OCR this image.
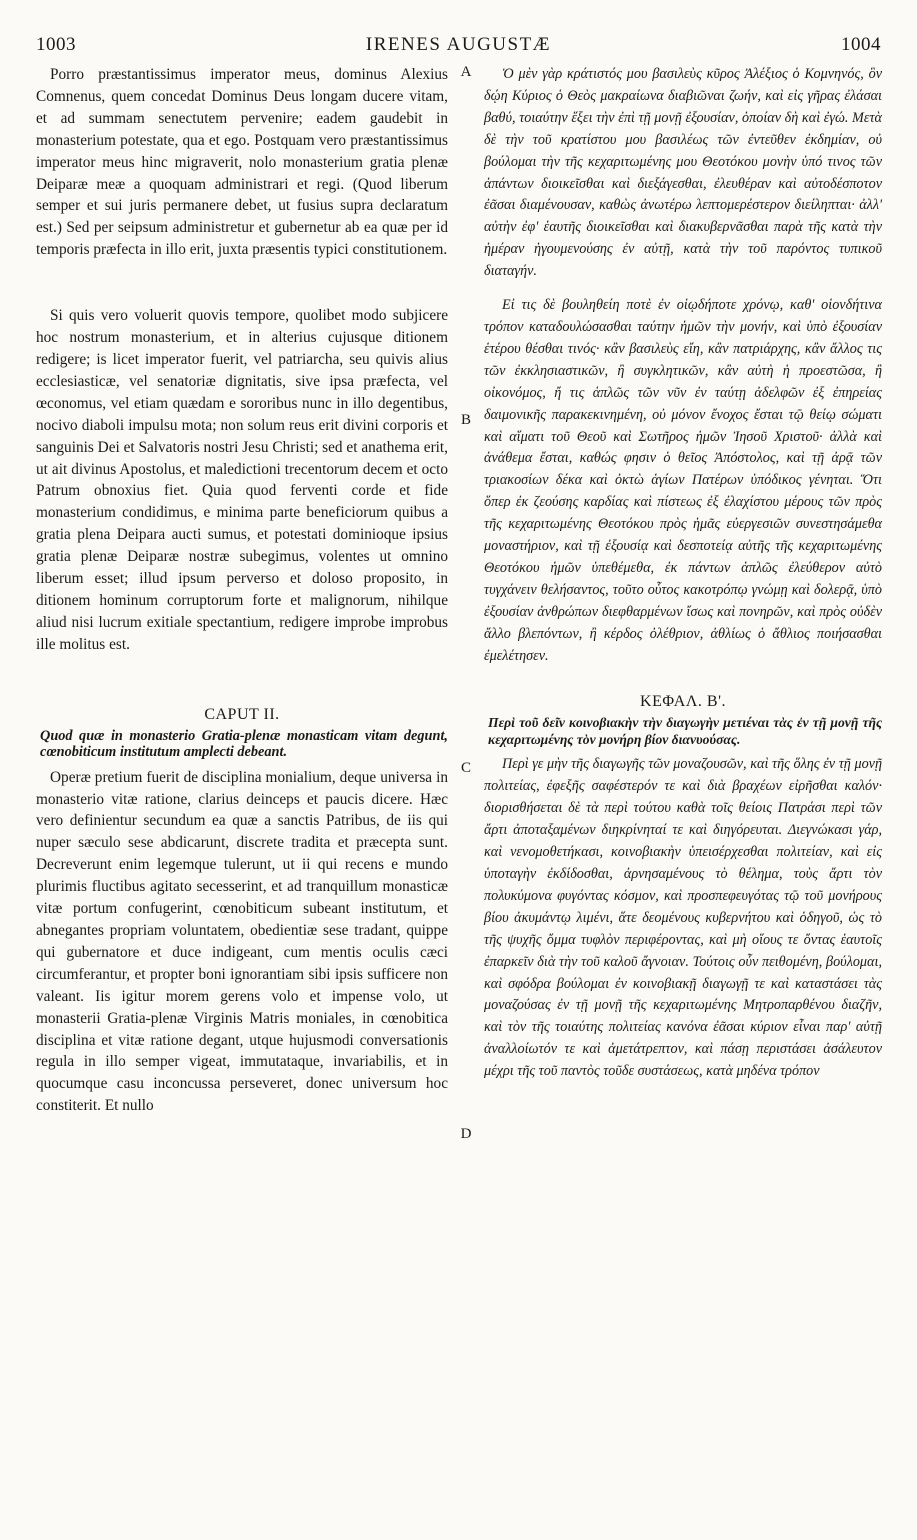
1003	IRENES AUGUSTÆ	1004
A
B
C
D

Porro præstantissimus imperator meus, dominus Alexius Comnenus, quem concedat Dominus Deus longam ducere vitam, et ad summam senectutem pervenire; eadem gaudebit in monasterium potestate, qua et ego. Postquam vero præstantissimus imperator meus hinc migraverit, nolo monasterium gratia plenæ Deiparæ meæ a quoquam administrari et regi. (Quod liberum semper et sui juris permanere debet, ut fusius supra declaratum est.) Sed per seipsum administretur et gubernetur ab ea quæ per id temporis præfecta in illo erit, juxta præsentis typici constitutionem.

Si quis vero voluerit quovis tempore, quolibet modo subjicere hoc nostrum monasterium, et in alterius cujusque ditionem redigere; is licet imperator fuerit, vel patriarcha, seu quivis alius ecclesiasticæ, vel senatoriæ dignitatis, sive ipsa præfecta, vel œconomus, vel etiam quædam e sororibus nunc in illo degentibus, nocivo diaboli impulsu mota; non solum reus erit divini corporis et sanguinis Dei et Salvatoris nostri Jesu Christi; sed et anathema erit, ut ait divinus Apostolus, et maledictioni trecentorum decem et octo Patrum obnoxius fiet. Quia quod ferventi corde et fide monasterium condidimus, e minima parte beneficiorum quibus a gratia plena Deipara aucti sumus, et potestati dominioque ipsius gratia plenæ Deiparæ nostræ subegimus, volentes ut omnino liberum esset; illud ipsum perverso et doloso proposito, in ditionem hominum corruptorum forte et malignorum, nihilque aliud nisi lucrum exitiale spectantium, redigere improbe improbus ille molitus est.

CAPUT II.

Quod quæ in monasterio Gratia-plenæ monasticam vitam degunt, cœnobiticum institutum amplecti debeant.

Operæ pretium fuerit de disciplina monialium, deque universa in monasterio vitæ ratione, clarius deinceps et paucis dicere. Hæc vero definientur secundum ea quæ a sanctis Patribus, de iis qui nuper sæculo sese abdicarunt, discrete tradita et præcepta sunt. Decreverunt enim legemque tulerunt, ut ii qui recens e mundo plurimis fluctibus agitato secesserint, et ad tranquillum monasticæ vitæ portum confugerint, cœnobiticum subeant institutum, et abnegantes propriam voluntatem, obedientiæ sese tradant, quippe qui gubernatore et duce indigeant, cum mentis oculis cæci circumferantur, et propter boni ignorantiam sibi ipsis sufficere non valeant. Iis igitur morem gerens volo et impense volo, ut monasterii Gratia-plenæ Virginis Matris moniales, in cœnobitica disciplina et vitæ ratione degant, utque hujusmodi conversationis regula in illo semper vigeat, immutataque, invariabilis, et in quocumque casu inconcussa perseveret, donec universum hoc constiterit. Et nullo

Ὁ μὲν γὰρ κράτιστός μου βασιλεὺς κῦρος Ἀλέξιος ὁ Κομνηνός, ὃν δῴη Κύριος ὁ Θεὸς μακραίωνα διαβιῶναι ζωήν, καὶ εἰς γῆρας ἐλάσαι βαθύ, τοιαύτην ἕξει τὴν ἐπὶ τῇ μονῇ ἐξουσίαν, ὁποίαν δὴ καὶ ἐγώ. Μετὰ δὲ τὴν τοῦ κρατίστου μου βασιλέως τῶν ἐντεῦθεν ἐκδημίαν, οὐ βούλομαι τὴν τῆς κεχαριτωμένης μου Θεοτόκου μονὴν ὑπό τινος τῶν ἁπάντων διοικεῖσθαι καὶ διεξάγεσθαι, ἐλευθέραν καὶ αὐτοδέσποτον ἐᾶσαι διαμένουσαν, καθὼς ἀνωτέρω λεπτομερέστερον διείληπται· ἀλλ' αὐτὴν ἐφ' ἑαυτῆς διοικεῖσθαι καὶ διακυβερνᾶσθαι παρὰ τῆς κατὰ τὴν ἡμέραν ἡγουμενούσης ἐν αὐτῇ, κατὰ τὴν τοῦ παρόντος τυπικοῦ διαταγήν.

Εἰ τις δὲ βουληθείη ποτὲ ἐν οἱῳδήποτε χρόνῳ, καθ' οἱονδήτινα τρόπον καταδουλώσασθαι ταύτην ἡμῶν τὴν μονήν, καὶ ὑπὸ ἐξουσίαν ἑτέρου θέσθαι τινός· κἂν βασιλεὺς εἴη, κἂν πατριάρχης, κἂν ἄλλος τις τῶν ἐκκλησιαστικῶν, ἢ συγκλητικῶν, κἂν αὐτὴ ἡ προεστῶσα, ἢ οἰκονόμος, ἤ τις ἁπλῶς τῶν νῦν ἐν ταύτῃ ἀδελφῶν ἐξ ἐπηρείας δαιμονικῆς παρακεκινημένη, οὐ μόνον ἔνοχος ἔσται τῷ θείῳ σώματι καὶ αἵματι τοῦ Θεοῦ καὶ Σωτῆρος ἡμῶν Ἰησοῦ Χριστοῦ· ἀλλὰ καὶ ἀνάθεμα ἔσται, καθώς φησιν ὁ θεῖος Ἀπόστολος, καὶ τῇ ἀρᾷ τῶν τριακοσίων δέκα καὶ ὀκτὼ ἁγίων Πατέρων ὑπόδικος γένηται. Ὅτι ὅπερ ἐκ ζεούσης καρδίας καὶ πίστεως ἐξ ἐλαχίστου μέρους τῶν πρὸς τῆς κεχαριτωμένης Θεοτόκου πρὸς ἡμᾶς εὐεργεσιῶν συνεστησάμεθα μοναστήριον, καὶ τῇ ἐξουσίᾳ καὶ δεσποτείᾳ αὐτῆς τῆς κεχαριτωμένης Θεοτόκου ἡμῶν ὑπεθέμεθα, ἐκ πάντων ἁπλῶς ἐλεύθερον αὐτὸ τυγχάνειν θελήσαντος, τοῦτο οὗτος κακοτρόπῳ γνώμῃ καὶ δολερᾷ, ὑπὸ ἐξουσίαν ἀνθρώπων διεφθαρμένων ἴσως καὶ πονηρῶν, καὶ πρὸς οὐδὲν ἄλλο βλεπόντων, ἢ κέρδος ὀλέθριον, ἀθλίως ὁ ἄθλιος ποιήσασθαι ἐμελέτησεν.

ΚΕΦΑΛ. Β'.

Περὶ τοῦ δεῖν κοινοβιακὴν τὴν διαγωγὴν μετιέναι τὰς ἐν τῇ μονῇ τῆς κεχαριτωμένης τὸν μονήρη βίον διανυούσας.

Περὶ γε μὴν τῆς διαγωγῆς τῶν μοναζουσῶν, καὶ τῆς ὅλης ἐν τῇ μονῇ πολιτείας, ἐφεξῆς σαφέστερόν τε καὶ διὰ βραχέων εἰρῆσθαι καλόν· διορισθήσεται δὲ τὰ περὶ τούτου καθὰ τοῖς θείοις Πατράσι περὶ τῶν ἄρτι ἀποταξαμένων διηκρίνηταί τε καὶ διηγόρευται. Διεγνώκασι γάρ, καὶ νενομοθετήκασι, κοινοβιακὴν ὑπεισέρχεσθαι πολιτείαν, καὶ εἰς ὑποταγὴν ἐκδίδοσθαι, ἀρνησαμένους τὸ θέλημα, τοὺς ἄρτι τὸν πολυκύμονα φυγόντας κόσμον, καὶ προσπεφευγότας τῷ τοῦ μονήρους βίου ἀκυμάντῳ λιμένι, ἅτε δεομένους κυβερνήτου καὶ ὁδηγοῦ, ὡς τὸ τῆς ψυχῆς ὄμμα τυφλὸν περιφέροντας, καὶ μὴ οἵους τε ὄντας ἑαυτοῖς ἐπαρκεῖν διὰ τὴν τοῦ καλοῦ ἄγνοιαν. Τούτοις οὖν πειθομένη, βούλομαι, καὶ σφόδρα βούλομαι ἐν κοινοβιακῇ διαγωγῇ τε καὶ καταστάσει τὰς μοναζούσας ἐν τῇ μονῇ τῆς κεχαριτωμένης Μητροπαρθένου διαζῆν, καὶ τὸν τῆς τοιαύτης πολιτείας κανόνα ἐᾶσαι κύριον εἶναι παρ' αὐτῇ ἀναλλοίωτόν τε καὶ ἀμετάτρεπτον, καὶ πάσῃ περιστάσει ἀσάλευτον μέχρι τῆς τοῦ παντὸς τοῦδε συστάσεως, κατὰ μηδένα τρόπον
